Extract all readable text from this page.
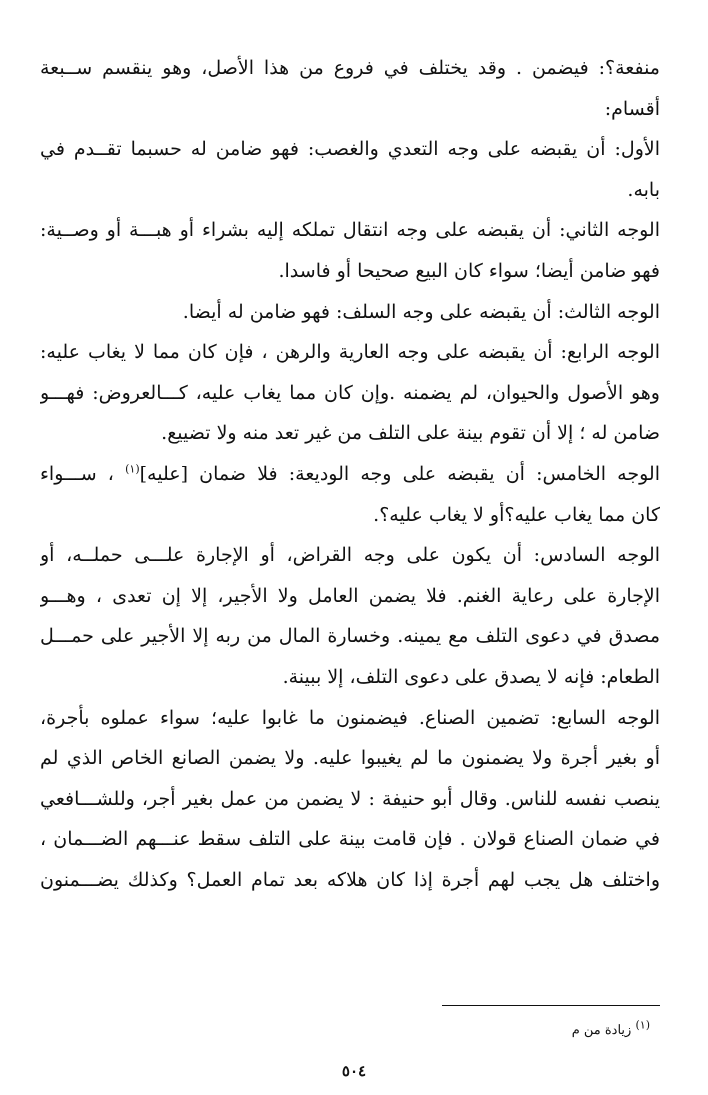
منفعة؟: فيضمن . وقد يختلف في فروع من هذا الأصل، وهو ينقسم ســبعة
أقسام:
الأول: أن يقبضه على وجه التعدي والغصب: فهو ضامن له حسبما تقــدم في
بابه.
الوجه الثاني: أن يقبضه على وجه انتقال تملكه إليه بشراء أو هبـــة أو وصــية:
فهو ضامن أيضا؛ سواء كان البيع صحيحا أو فاسدا.
الوجه الثالث: أن يقبضه على وجه السلف: فهو ضامن له أيضا.
الوجه الرابع: أن يقبضه على وجه العارية والرهن ، فإن كان مما لا يغاب عليه:
وهو الأصول والحيوان، لم يضمنه .وإن كان مما يغاب عليه، كـــالعروض: فهـــو
ضامن له ؛ إلا أن تقوم بينة على التلف من غير تعد منه ولا تضييع.
الوجه الخامس: أن يقبضه على وجه الوديعة: فلا ضمان [عليه]$^{(١)}$ ، ســـواء
كان مما يغاب عليه؟أو لا يغاب عليه؟.
الوجه السادس: أن يكون على وجه القراض، أو الإجارة علـــى حملــه، أو
الإجارة على رعاية الغنم. فلا يضمن العامل ولا الأجير، إلا إن تعدى ، وهـــو
مصدق في دعوى التلف مع يمينه. وخسارة المال من ربه إلا الأجير على حمـــل
الطعام: فإنه لا يصدق على دعوى التلف، إلا ببينة.
الوجه السابع: تضمين الصناع. فيضمنون ما غابوا عليه؛ سواء عملوه بأجرة،
أو بغير أجرة ولا يضمنون ما لم يغيبوا عليه. ولا يضمن الصانع الخاص الذي لم
ينصب نفسه للناس. وقال أبو حنيفة : لا يضمن من عمل بغير أجر، وللشـــافعي
في ضمان الصناع قولان . فإن قامت بينة على التلف سقط عنـــهم الضـــمان ،
واختلف هل يجب لهم أجرة إذا كان هلاكه بعد تمام العمل؟ وكذلك يضـــمنون
$^{(١)}$ زيادة من م
٥٠٤
